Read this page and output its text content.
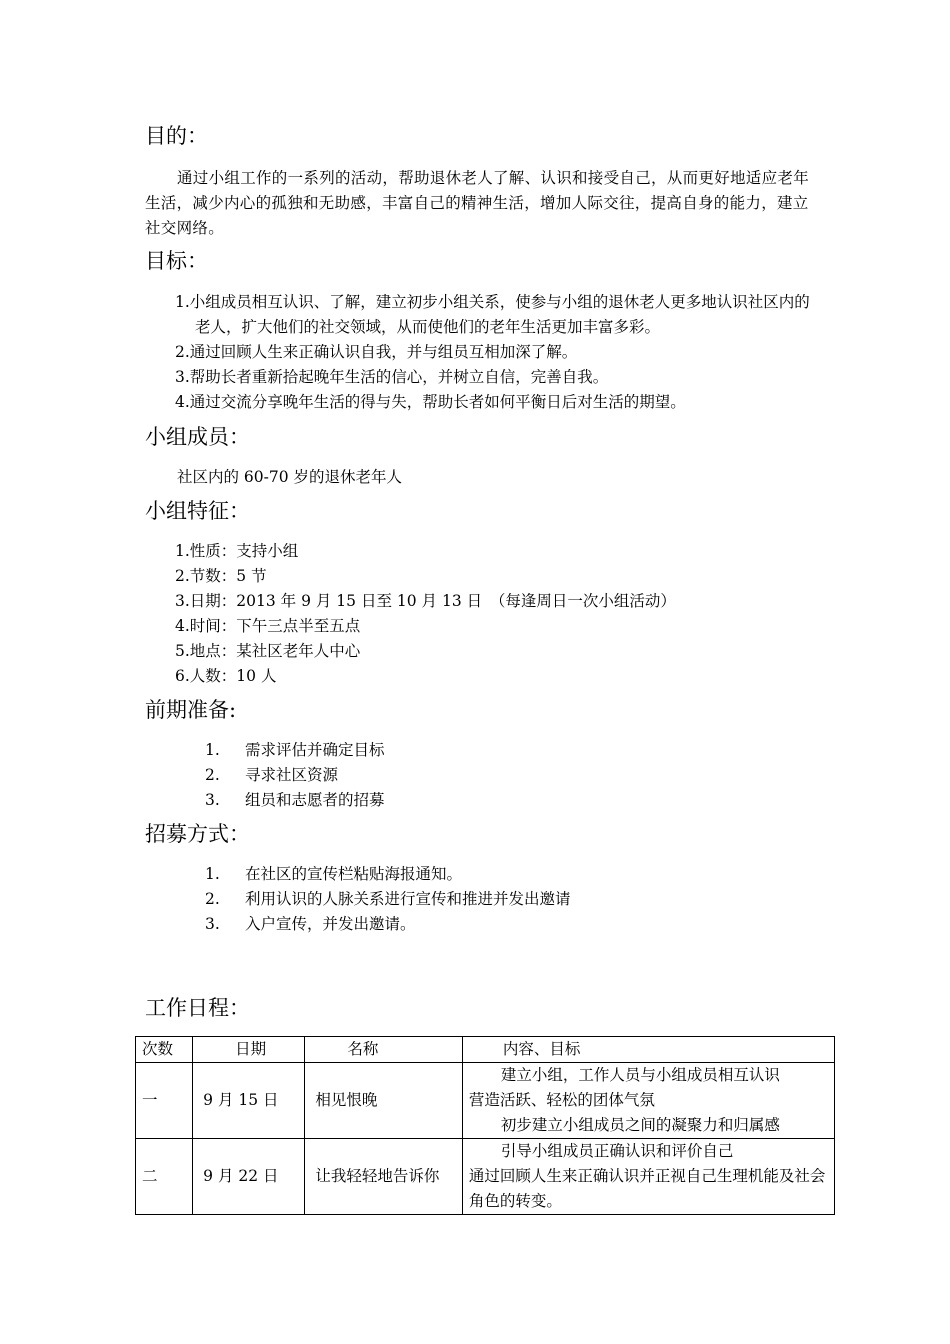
目的：

通过小组工作的一系列的活动，帮助退休老人了解、认识和接受自己，从而更好地适应老年生活，减少内心的孤独和无助感，丰富自己的精神生活，增加人际交往，提高自身的能力，建立社交网络。

目标：
1.小组成员相互认识、了解，建立初步小组关系，使参与小组的退休老人更多地认识社区内的老人，扩大他们的社交领域，从而使他们的老年生活更加丰富多彩。
2.通过回顾人生来正确认识自我，并与组员互相加深了解。
3.帮助长者重新拾起晚年生活的信心，并树立自信，完善自我。
4.通过交流分享晚年生活的得与失，帮助长者如何平衡日后对生活的期望。
小组成员：

社区内的 60-70 岁的退休老年人

小组特征：
1.性质：支持小组
2.节数：5 节
3.日期：2013 年 9 月 15 日至 10 月 13 日　（每逢周日一次小组活动）
4.时间：下午三点半至五点
5.地点：某社区老年人中心
6.人数：10 人
前期准备:
1. 需求评估并确定目标
2. 寻求社区资源
3. 组员和志愿者的招募
招募方式：
1. 在社区的宣传栏粘贴海报通知。
2. 利用认识的人脉关系进行宣传和推进并发出邀请
3. 入户宣传，并发出邀请。
工作日程：
次数	日期	名称	内容、目标
一	9 月 15 日	相见恨晚	建立小组，工作人员与小组成员相互认识
营造活跃、轻松的团体气氛
初步建立小组成员之间的凝聚力和归属感

二	9 月 22 日	让我轻轻地告诉你	引导小组成员正确认识和评价自己
通过回顾人生来正确认识并正视自己生理机能及社会角色的转变。
